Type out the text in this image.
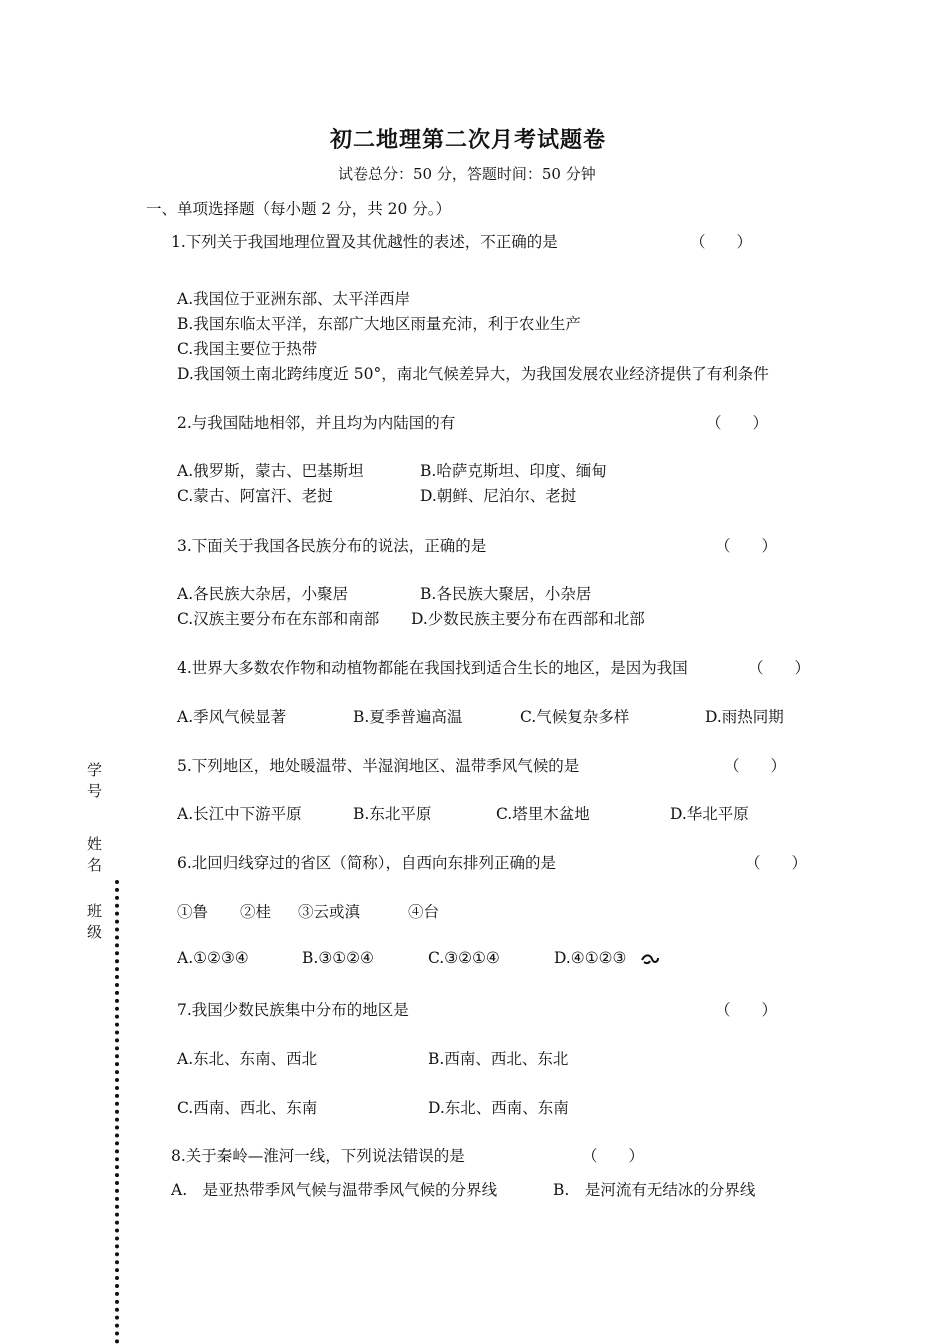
初二地理第二次月考试题卷
试卷总分：50 分，答题时间：50 分钟
一、单项选择题（每小题 2 分，共 20 分。）
1.下列关于我国地理位置及其优越性的表述，不正确的是	（　　）
A.我国位于亚洲东部、太平洋西岸
B.我国东临太平洋，东部广大地区雨量充沛，利于农业生产
C.我国主要位于热带
D.我国领土南北跨纬度近 50°，南北气候差异大，为我国发展农业经济提供了有利条件
2.与我国陆地相邻，并且均为内陆国的有	（　　）
A.俄罗斯，蒙古、巴基斯坦	B.哈萨克斯坦、印度、缅甸
C.蒙古、阿富汗、老挝	D.朝鲜、尼泊尔、老挝
3.下面关于我国各民族分布的说法，正确的是	（　　）
A.各民族大杂居，小聚居	B.各民族大聚居，小杂居
C.汉族主要分布在东部和南部 D.少数民族主要分布在西部和北部
4.世界大多数农作物和动植物都能在我国找到适合生长的地区，是因为我国	（　　）
A.季风气候显著	B.夏季普遍高温	C.气候复杂多样	D.雨热同期
5.下列地区，地处暖温带、半湿润地区、温带季风气候的是	（　　）
A.长江中下游平原	B.东北平原	C.塔里木盆地	D.华北平原
6.北回归线穿过的省区（简称），自西向东排列正确的是	（　　）
①鲁 ②桂 ③云或滇	④台
A.①②③④	B.③①②④	C.③②①④	D.④①②③
7.我国少数民族集中分布的地区是	（　　）
A.东北、东南、西北	B.西南、西北、东北
C.西南、西北、东南	D.东北、西南、东南
8.关于秦岭—淮河一线，下列说法错误的是	（　　）
A.　是亚热带季风气候与温带季风气候的分界线	B.　是河流有无结冰的分界线
学号
姓名
班级
